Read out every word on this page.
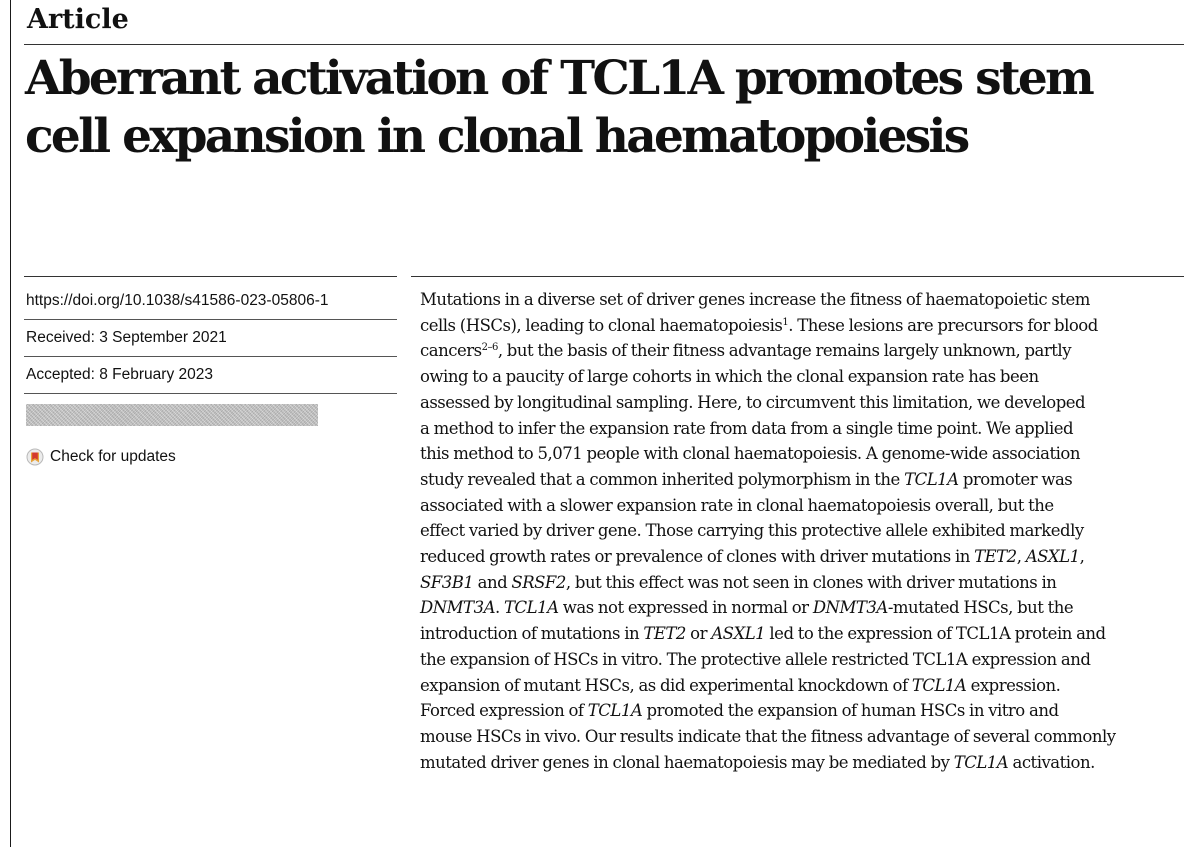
Article
Aberrant activation of TCL1A promotes stem
cell expansion in clonal haematopoiesis
https://doi.org/10.1038/s41586-023-05806-1
Received: 3 September 2021
Accepted: 8 February 2023
Check for updates

Mutations in a diverse set of driver genes increase the fitness of haematopoietic stem
cells (HSCs), leading to clonal haematopoiesis$^1$. These lesions are precursors for blood
cancers$^{2-6}$, but the basis of their fitness advantage remains largely unknown, partly
owing to a paucity of large cohorts in which the clonal expansion rate has been
assessed by longitudinal sampling. Here, to circumvent this limitation, we developed
a method to infer the expansion rate from data from a single time point. We applied
this method to 5,071 people with clonal haematopoiesis. A genome-wide association
study revealed that a common inherited polymorphism in the TCL1A promoter was
associated with a slower expansion rate in clonal haematopoiesis overall, but the
effect varied by driver gene. Those carrying this protective allele exhibited markedly
reduced growth rates or prevalence of clones with driver mutations in TET2, ASXL1,
SF3B1 and SRSF2, but this effect was not seen in clones with driver mutations in
DNMT3A. TCL1A was not expressed in normal or DNMT3A-mutated HSCs, but the
introduction of mutations in TET2 or ASXL1 led to the expression of TCL1A protein and
the expansion of HSCs in vitro. The protective allele restricted TCL1A expression and
expansion of mutant HSCs, as did experimental knockdown of TCL1A expression.
Forced expression of TCL1A promoted the expansion of human HSCs in vitro and
mouse HSCs in vivo. Our results indicate that the fitness advantage of several commonly
mutated driver genes in clonal haematopoiesis may be mediated by TCL1A activation.
